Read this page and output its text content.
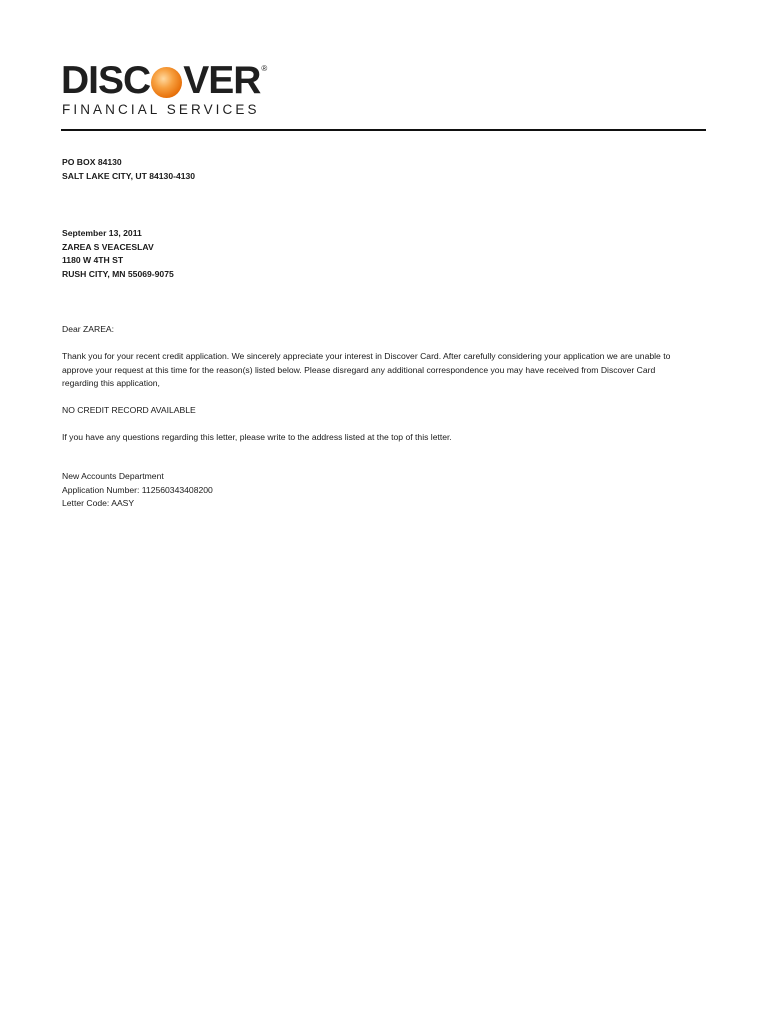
DISC VER ®
FINANCIAL SERVICES
PO BOX 84130
SALT LAKE CITY, UT 84130-4130
September 13, 2011
ZAREA S VEACESLAV
1180 W 4TH ST
RUSH CITY, MN 55069-9075
Dear ZAREA:
Thank you for your recent credit application. We sincerely appreciate your interest in Discover Card. After carefully considering your application we are unable to
approve your request at this time for the reason(s) listed below. Please disregard any additional correspondence you may have received from Discover Card
regarding this application,
NO CREDIT RECORD AVAILABLE
If you have any questions regarding this letter, please write to the address listed at the top of this letter.
New Accounts Department
Application Number: 112560343408200
Letter Code: AASY
